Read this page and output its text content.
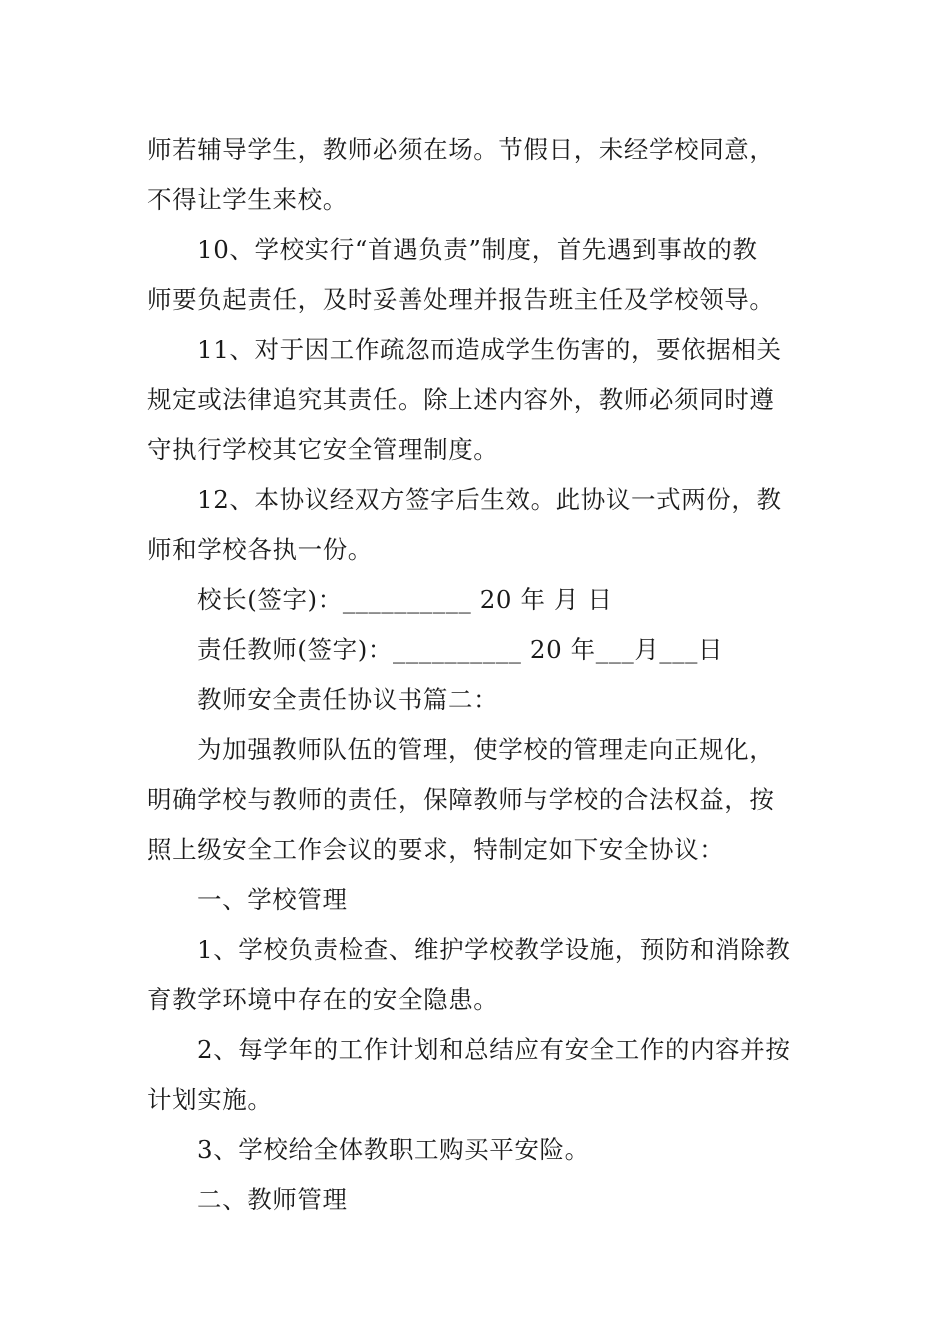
师若辅导学生，教师必须在场。节假日，未经学校同意，
不得让学生来校。
10、学校实行“首遇负责”制度，首先遇到事故的教
师要负起责任，及时妥善处理并报告班主任及学校领导。
11、对于因工作疏忽而造成学生伤害的，要依据相关
规定或法律追究其责任。除上述内容外，教师必须同时遵
守执行学校其它安全管理制度。
12、本协议经双方签字后生效。此协议一式两份，教
师和学校各执一份。
校长(签字)：__________ 20 年 月 日
责任教师(签字)：__________ 20 年___月___日
教师安全责任协议书篇二：
为加强教师队伍的管理，使学校的管理走向正规化，
明确学校与教师的责任，保障教师与学校的合法权益，按
照上级安全工作会议的要求，特制定如下安全协议：
一、学校管理
1、学校负责检查、维护学校教学设施，预防和消除教
育教学环境中存在的安全隐患。
2、每学年的工作计划和总结应有安全工作的内容并按
计划实施。
3、学校给全体教职工购买平安险。
二、教师管理
